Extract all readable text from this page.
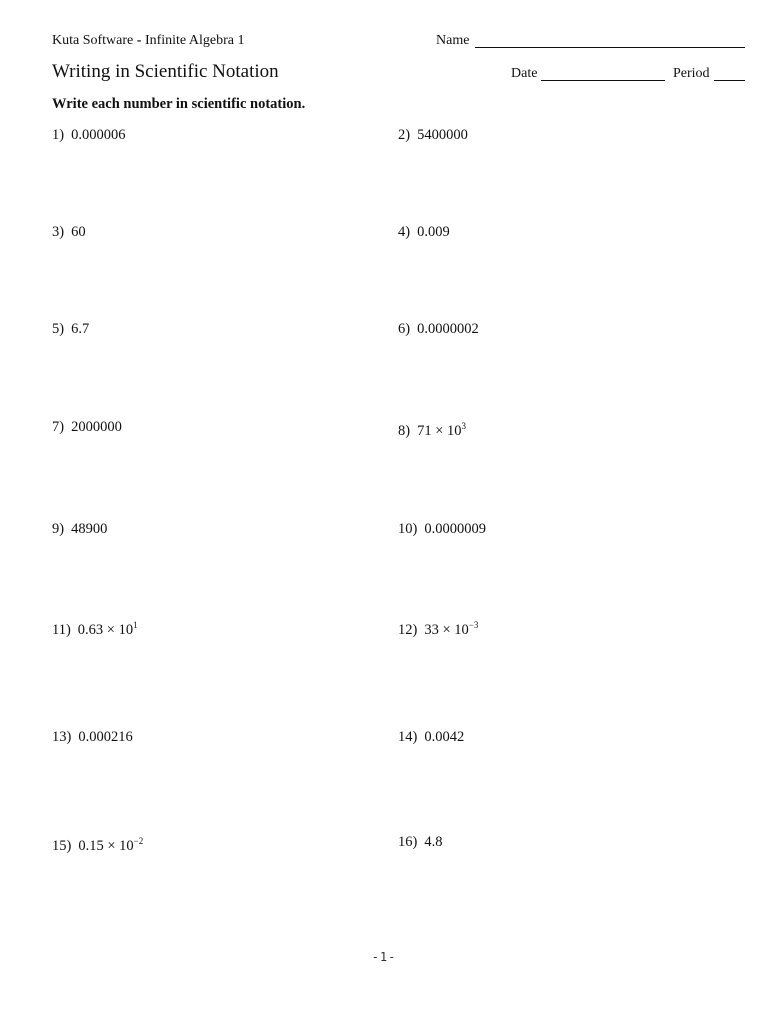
Kuta Software - Infinite Algebra 1	Name
Writing in Scientific Notation	Date	Period
Write each number in scientific notation.
1) 0.000006	2) 5400000
3) 60	4) 0.009
5) 6.7	6) 0.0000002
7) 2000000	8) $71 \times 10^3$
9) 48900	10) 0.0000009
11) $0.63 \times 10^1$	12) $33 \times 10^{-3}$
13) 0.000216	14) 0.0042
15) $0.15 \times 10^{-2}$	16) 4.8
-1-
